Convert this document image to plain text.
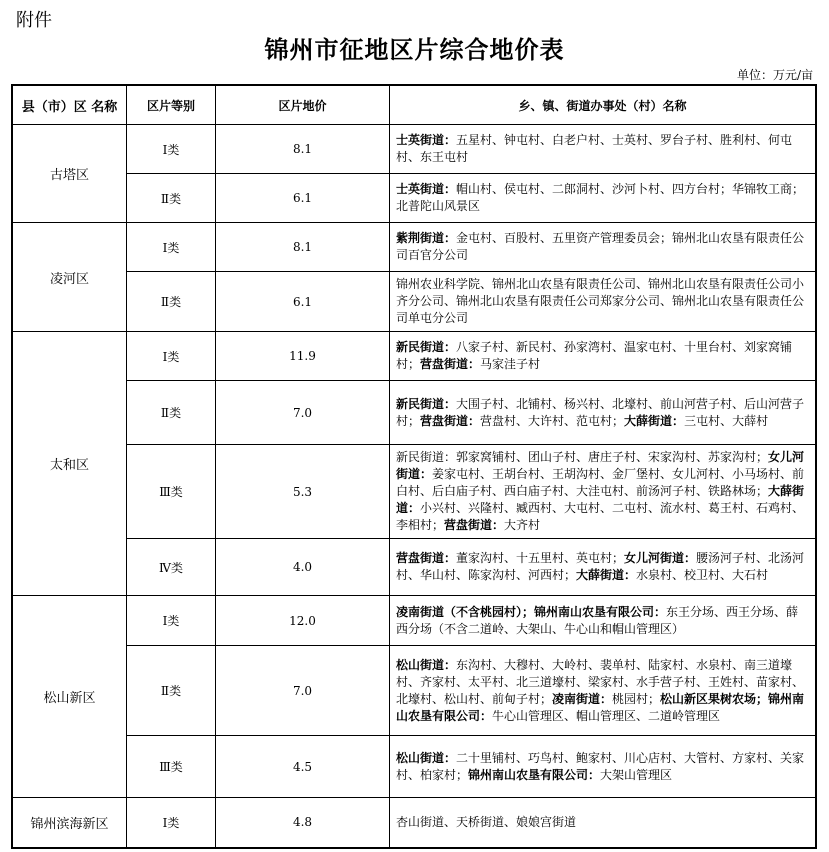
附件
锦州市征地区片综合地价表
单位：万元/亩
县（市）区 名称	区片等别	区片地价	乡、镇、街道办事处（村）名称
古塔区	Ⅰ类	8.1	士英街道：五星村、钟屯村、白老户村、士英村、罗台子村、胜利村、何屯村、东王屯村
	Ⅱ类	6.1	士英街道：帽山村、侯屯村、二郎洞村、沙河卜村、四方台村；华锦牧工商；北普陀山风景区
凌河区	Ⅰ类	8.1	紫荆街道：金屯村、百股村、五里资产管理委员会；锦州北山农垦有限责任公司百官分公司
	Ⅱ类	6.1	锦州农业科学院、锦州北山农垦有限责任公司、锦州北山农垦有限责任公司小齐分公司、锦州北山农垦有限责任公司郑家分公司、锦州北山农垦有限责任公司单屯分公司
太和区	Ⅰ类	11.9	新民街道：八家子村、新民村、孙家湾村、温家屯村、十里台村、刘家窝铺村；营盘街道：马家洼子村
	Ⅱ类	7.0	新民街道：大围子村、北铺村、杨兴村、北壕村、前山河营子村、后山河营子村；营盘街道：营盘村、大许村、范屯村；大薛街道：三屯村、大薛村
	Ⅲ类	5.3	新民街道：郭家窝铺村、团山子村、唐庄子村、宋家沟村、苏家沟村；女儿河街道：姜家屯村、王胡台村、王胡沟村、金厂堡村、女儿河村、小马场村、前白村、后白庙子村、西白庙子村、大洼屯村、前汤河子村、铁路林场；大薛街道：小兴村、兴隆村、臧西村、大屯村、二屯村、流水村、葛王村、石鸡村、李相村；营盘街道：大齐村
	Ⅳ类	4.0	营盘街道：董家沟村、十五里村、英屯村；女儿河街道：腰汤河子村、北汤河村、华山村、陈家沟村、河西村；大薛街道：水泉村、校卫村、大石村
松山新区	Ⅰ类	12.0	凌南街道（不含桃园村）；锦州南山农垦有限公司：东王分场、西王分场、薛西分场（不含二道岭、大架山、牛心山和帽山管理区）
	Ⅱ类	7.0	松山街道：东沟村、大穆村、大岭村、裴单村、陆家村、水泉村、南三道壕村、齐家村、太平村、北三道壕村、梁家村、水手营子村、王姓村、苗家村、北壕村、松山村、前甸子村；凌南街道：桃园村；松山新区果树农场；锦州南山农垦有限公司：牛心山管理区、帽山管理区、二道岭管理区
	Ⅲ类	4.5	松山街道：二十里铺村、巧鸟村、鲍家村、川心店村、大管村、方家村、关家村、柏家村；锦州南山农垦有限公司：大架山管理区
锦州滨海新区	Ⅰ类	4.8	杏山街道、天桥街道、娘娘宫街道
